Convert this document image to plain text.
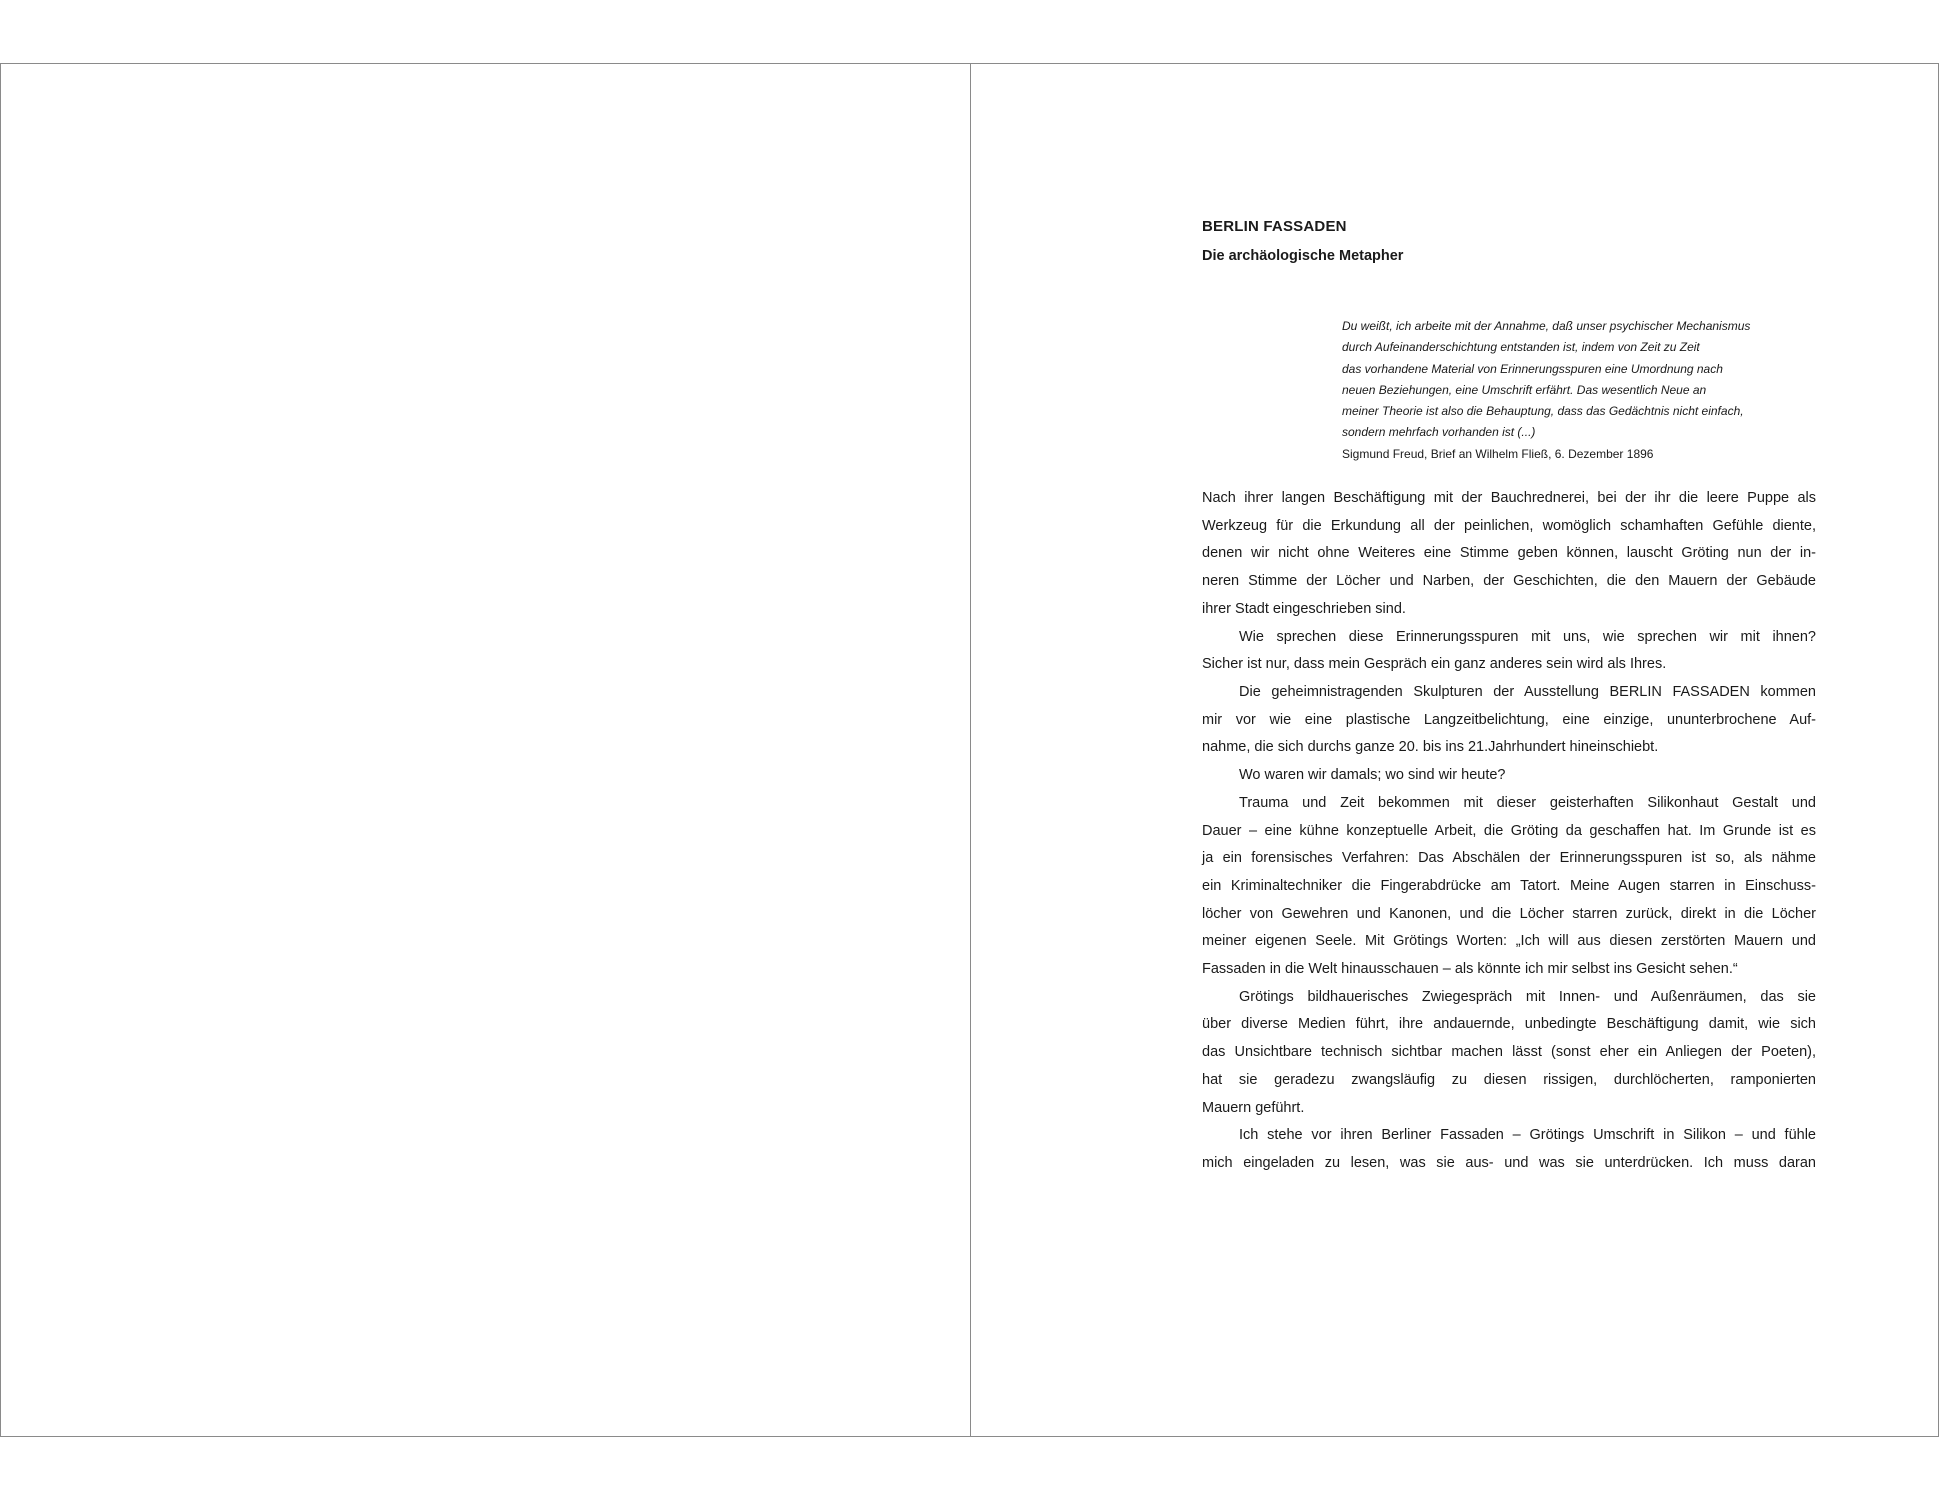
BERLIN FASSADEN
Die archäologische Metapher
Du weißt, ich arbeite mit der Annahme, daß unser psychischer Mechanismus
durch Aufeinanderschichtung entstanden ist, indem von Zeit zu Zeit
das vorhandene Material von Erinnerungsspuren eine Umordnung nach
neuen Beziehungen, eine Umschrift erfährt. Das wesentlich Neue an
meiner Theorie ist also die Behauptung, dass das Gedächtnis nicht einfach,
sondern mehrfach vorhanden ist (...)
Sigmund Freud, Brief an Wilhelm Fließ, 6. Dezember 1896
Nach ihrer langen Beschäftigung mit der Bauchrednerei, bei der ihr die leere Puppe als
Werkzeug für die Erkundung all der peinlichen, womöglich schamhaften Gefühle diente,
denen wir nicht ohne Weiteres eine Stimme geben können, lauscht Gröting nun der in-
neren Stimme der Löcher und Narben, der Geschichten, die den Mauern der Gebäude
ihrer Stadt eingeschrieben sind.
Wie sprechen diese Erinnerungsspuren mit uns, wie sprechen wir mit ihnen?
Sicher ist nur, dass mein Gespräch ein ganz anderes sein wird als Ihres.
Die geheimnistragenden Skulpturen der Ausstellung BERLIN FASSADEN kommen
mir vor wie eine plastische Langzeitbelichtung, eine einzige, ununterbrochene Auf-
nahme, die sich durchs ganze 20. bis ins 21.Jahrhundert hineinschiebt.
Wo waren wir damals; wo sind wir heute?
Trauma und Zeit bekommen mit dieser geisterhaften Silikonhaut Gestalt und
Dauer – eine kühne konzeptuelle Arbeit, die Gröting da geschaffen hat. Im Grunde ist es
ja ein forensisches Verfahren: Das Abschälen der Erinnerungsspuren ist so, als nähme
ein Kriminaltechniker die Fingerabdrücke am Tatort. Meine Augen starren in Einschuss-
löcher von Gewehren und Kanonen, und die Löcher starren zurück, direkt in die Löcher
meiner eigenen Seele. Mit Grötings Worten: „Ich will aus diesen zerstörten Mauern und
Fassaden in die Welt hinausschauen – als könnte ich mir selbst ins Gesicht sehen.“
Grötings bildhauerisches Zwiegespräch mit Innen- und Außenräumen, das sie
über diverse Medien führt, ihre andauernde, unbedingte Beschäftigung damit, wie sich
das Unsichtbare technisch sichtbar machen lässt (sonst eher ein Anliegen der Poeten),
hat sie geradezu zwangsläufig zu diesen rissigen, durchlöcherten, ramponierten
Mauern geführt.
Ich stehe vor ihren Berliner Fassaden – Grötings Umschrift in Silikon – und fühle
mich eingeladen zu lesen, was sie aus- und was sie unterdrücken. Ich muss daran
